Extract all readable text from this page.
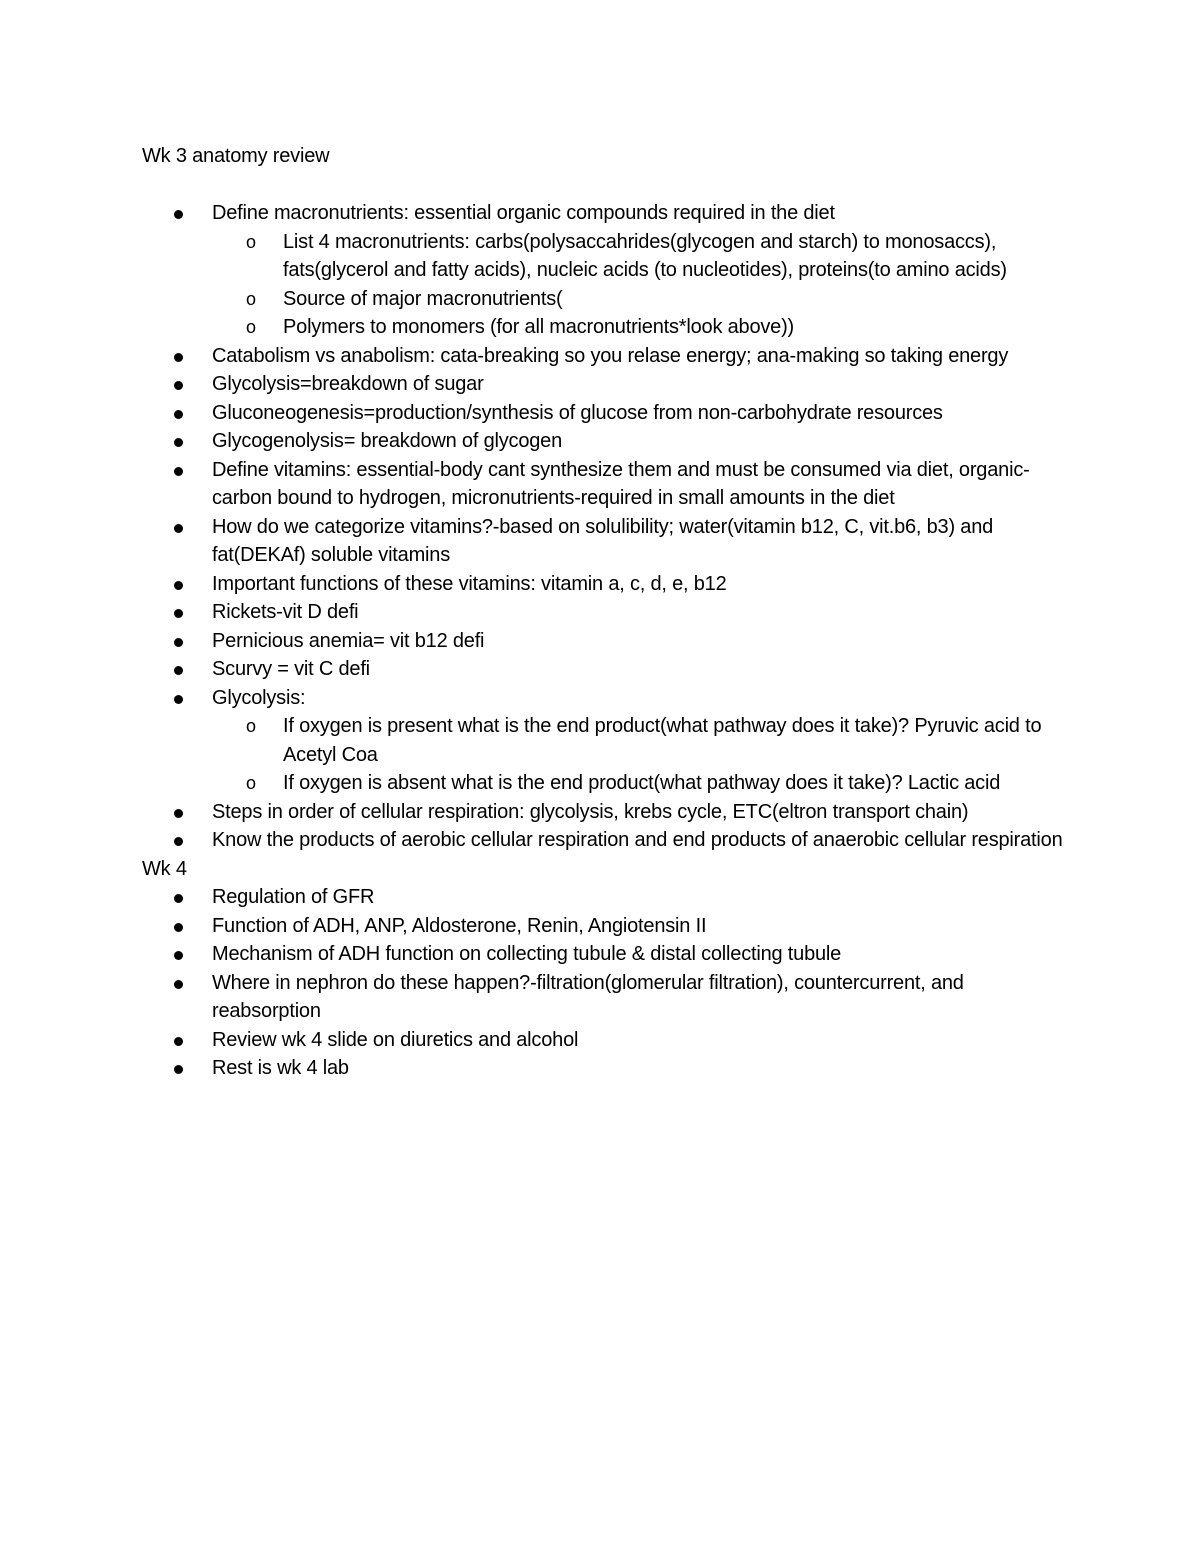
Wk 3 anatomy review
Define macronutrients: essential organic compounds required in the diet
o List 4 macronutrients: carbs(polysaccahrides(glycogen and starch) to monosaccs), fats(glycerol and fatty acids), nucleic acids (to nucleotides), proteins(to amino acids)
o Source of major macronutrients(
o Polymers to monomers (for all macronutrients*look above))
Catabolism vs anabolism: cata-breaking so you relase energy; ana-making so taking energy
Glycolysis=breakdown of sugar
Gluconeogenesis=production/synthesis of glucose from non-carbohydrate resources
Glycogenolysis= breakdown of glycogen
Define vitamins: essential-body cant synthesize them and must be consumed via diet, organic-carbon bound to hydrogen, micronutrients-required in small amounts in the diet
How do we categorize vitamins?-based on solulibility; water(vitamin b12, C, vit.b6, b3) and fat(DEKAf) soluble vitamins
Important functions of these vitamins: vitamin a, c, d, e, b12
Rickets-vit D defi
Pernicious anemia= vit b12 defi
Scurvy = vit C defi
Glycolysis:
o If oxygen is present what is the end product(what pathway does it take)? Pyruvic acid to Acetyl Coa
o If oxygen is absent what is the end product(what pathway does it take)? Lactic acid
Steps in order of cellular respiration: glycolysis, krebs cycle, ETC(eltron transport chain)
Know the products of aerobic cellular respiration and end products of anaerobic cellular respiration
Wk 4
Regulation of GFR
Function of ADH, ANP, Aldosterone, Renin, Angiotensin II
Mechanism of ADH function on collecting tubule & distal collecting tubule
Where in nephron do these happen?-filtration(glomerular filtration), countercurrent, and reabsorption
Review wk 4 slide on diuretics and alcohol
Rest is wk 4 lab
